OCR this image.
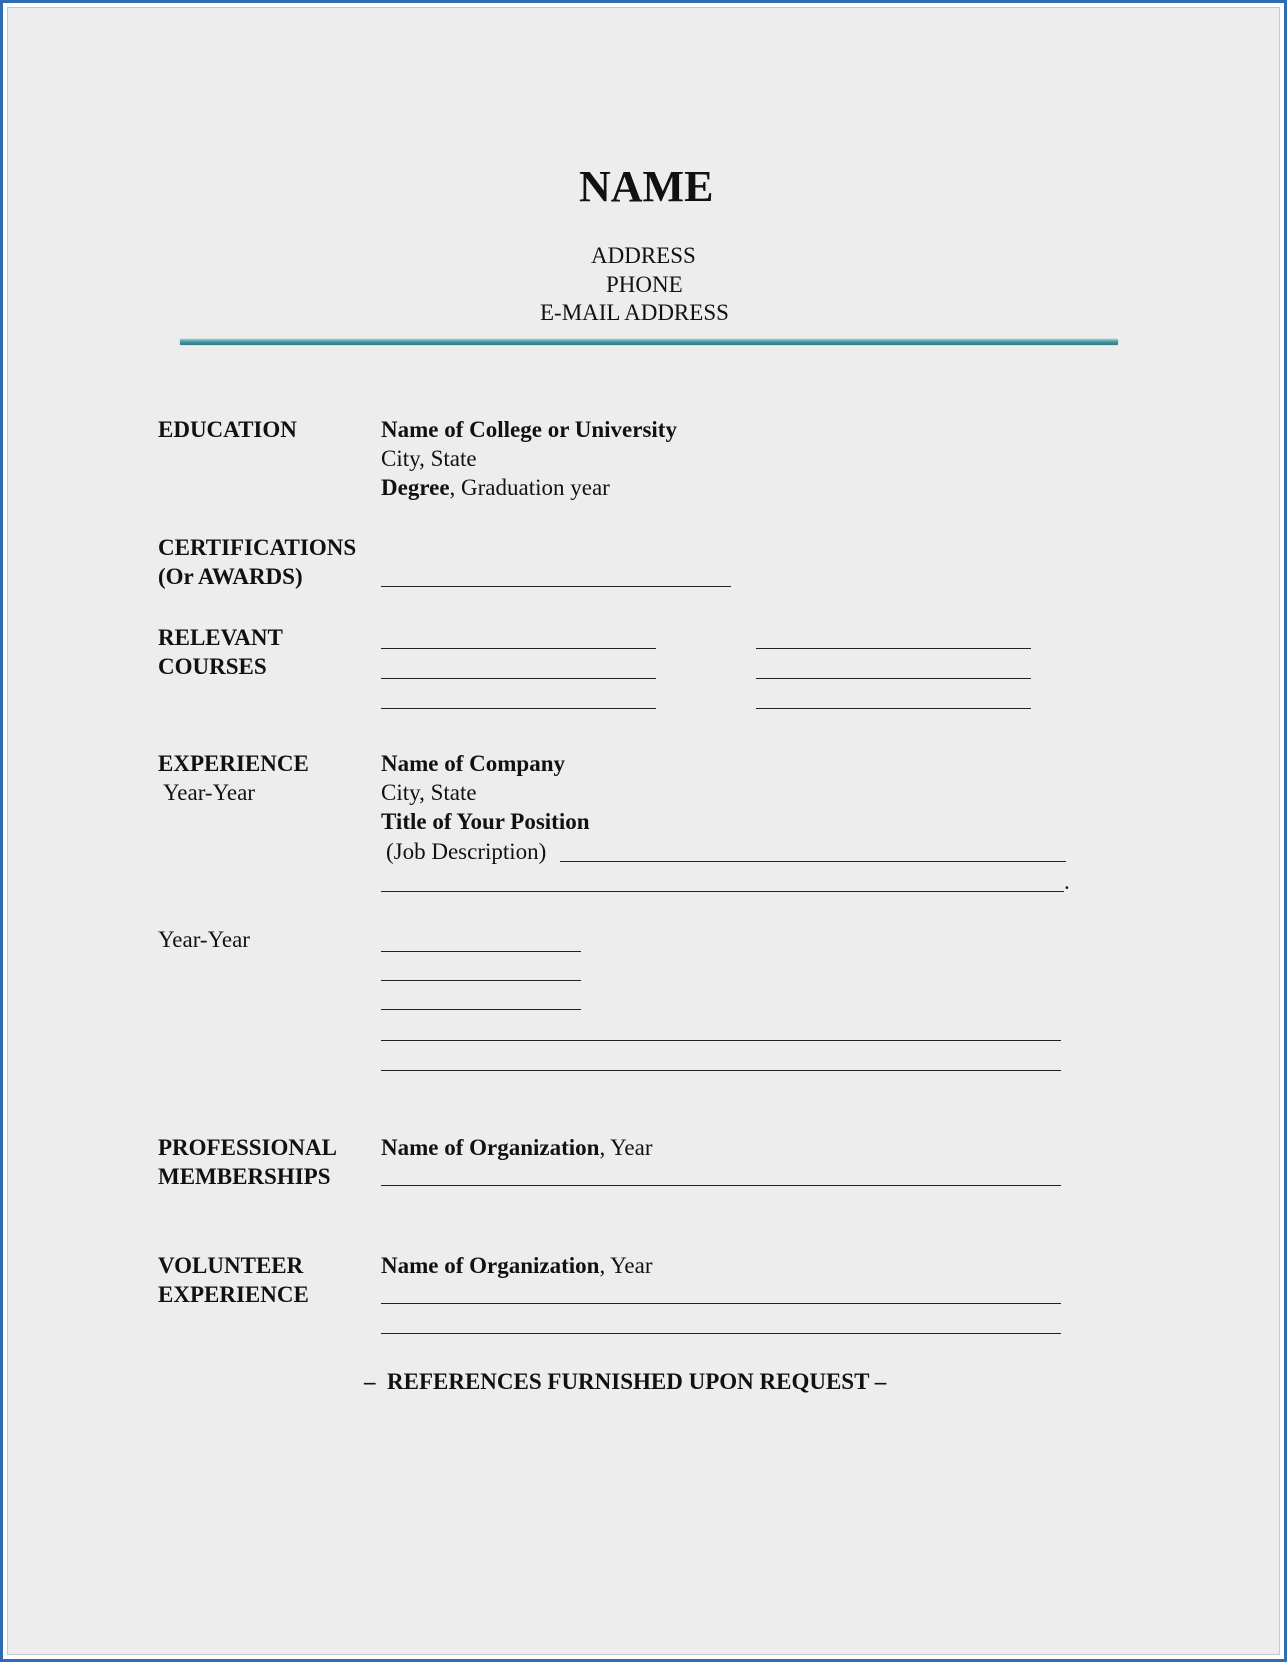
NAME
ADDRESS
PHONE
E-MAIL ADDRESS
EDUCATION	Name of College or University
City, State
Degree, Graduation year
CERTIFICATIONS
(Or AWARDS)
RELEVANT
COURSES
EXPERIENCE
Year-Year
Name of Company
City, State
Title of Your Position
(Job Description)
.
Year-Year
PROFESSIONAL
MEMBERSHIPS
Name of Organization, Year
VOLUNTEER
EXPERIENCE
Name of Organization, Year
–  REFERENCES FURNISHED UPON REQUEST –
